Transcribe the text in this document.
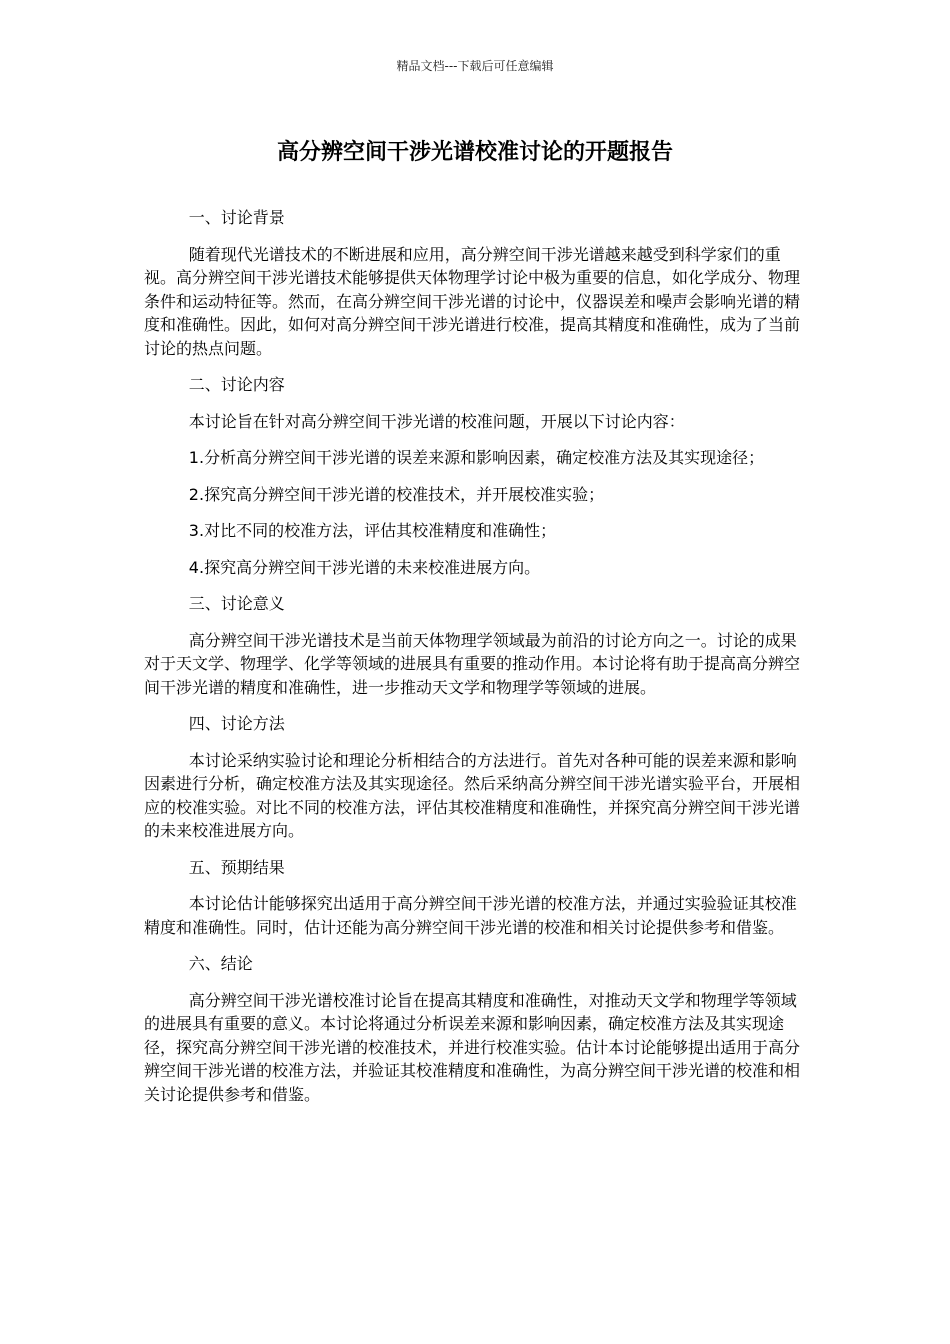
精品文档---下载后可任意编辑
高分辨空间干涉光谱校准讨论的开题报告

一、讨论背景

随着现代光谱技术的不断进展和应用，高分辨空间干涉光谱越来越受到科学家们的重视。高分辨空间干涉光谱技术能够提供天体物理学讨论中极为重要的信息，如化学成分、物理条件和运动特征等。然而，在高分辨空间干涉光谱的讨论中，仪器误差和噪声会影响光谱的精度和准确性。因此，如何对高分辨空间干涉光谱进行校准，提高其精度和准确性，成为了当前讨论的热点问题。

二、讨论内容

本讨论旨在针对高分辨空间干涉光谱的校准问题，开展以下讨论内容：

1.分析高分辨空间干涉光谱的误差来源和影响因素，确定校准方法及其实现途径；

2.探究高分辨空间干涉光谱的校准技术，并开展校准实验；

3.对比不同的校准方法，评估其校准精度和准确性；

4.探究高分辨空间干涉光谱的未来校准进展方向。

三、讨论意义

高分辨空间干涉光谱技术是当前天体物理学领域最为前沿的讨论方向之一。讨论的成果对于天文学、物理学、化学等领域的进展具有重要的推动作用。本讨论将有助于提高高分辨空间干涉光谱的精度和准确性，进一步推动天文学和物理学等领域的进展。

四、讨论方法

本讨论采纳实验讨论和理论分析相结合的方法进行。首先对各种可能的误差来源和影响因素进行分析，确定校准方法及其实现途径。然后采纳高分辨空间干涉光谱实验平台，开展相应的校准实验。对比不同的校准方法，评估其校准精度和准确性，并探究高分辨空间干涉光谱的未来校准进展方向。

五、预期结果

本讨论估计能够探究出适用于高分辨空间干涉光谱的校准方法，并通过实验验证其校准精度和准确性。同时，估计还能为高分辨空间干涉光谱的校准和相关讨论提供参考和借鉴。

六、结论

高分辨空间干涉光谱校准讨论旨在提高其精度和准确性，对推动天文学和物理学等领域的进展具有重要的意义。本讨论将通过分析误差来源和影响因素，确定校准方法及其实现途径，探究高分辨空间干涉光谱的校准技术，并进行校准实验。估计本讨论能够提出适用于高分辨空间干涉光谱的校准方法，并验证其校准精度和准确性，为高分辨空间干涉光谱的校准和相关讨论提供参考和借鉴。
